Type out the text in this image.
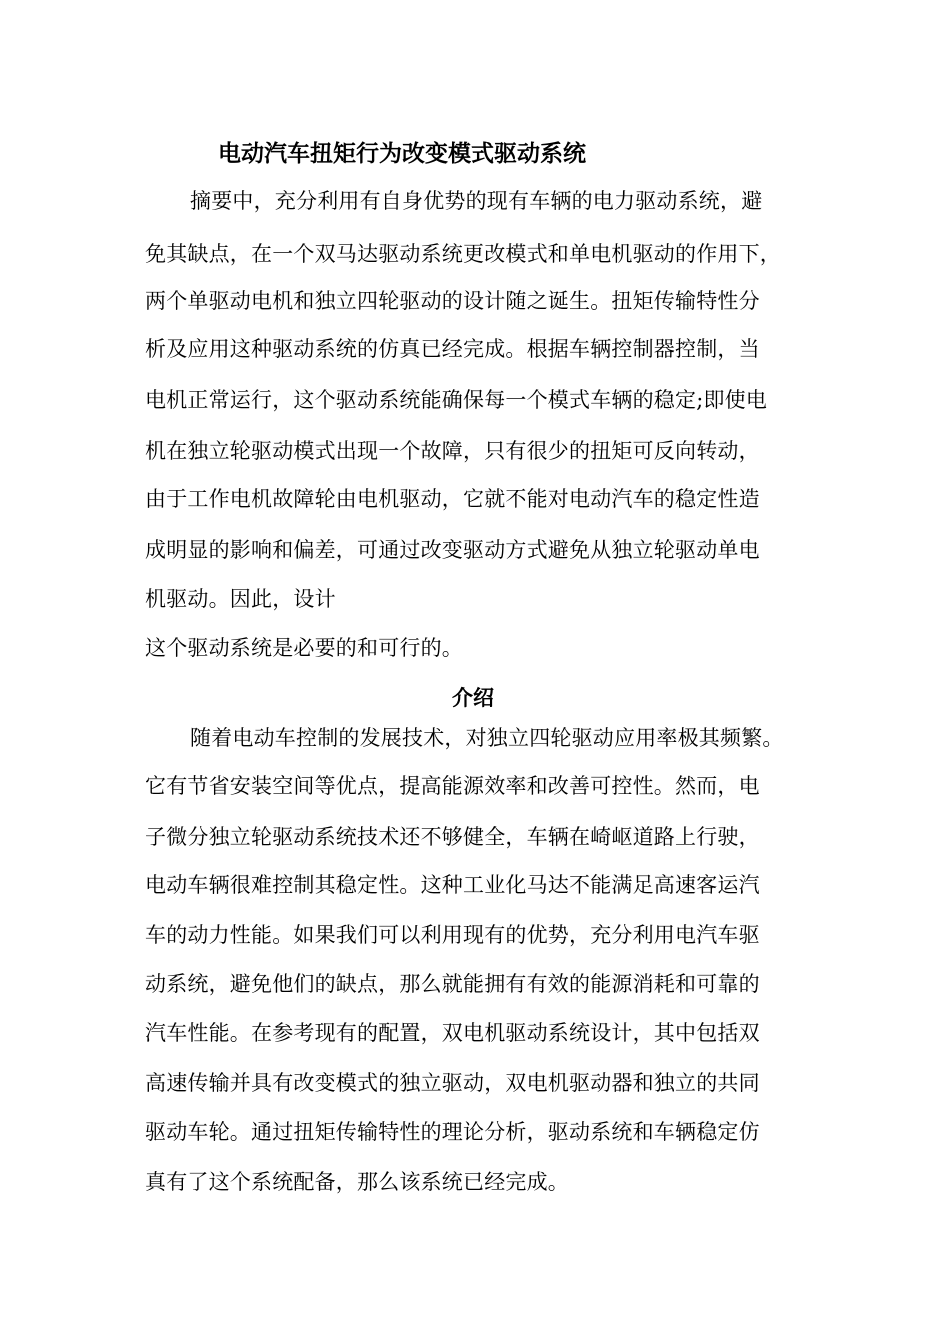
电动汽车扭矩行为改变模式驱动系统
摘要中，充分利用有自身优势的现有车辆的电力驱动系统，避
免其缺点，在一个双马达驱动系统更改模式和单电机驱动的作用下，
两个单驱动电机和独立四轮驱动的设计随之诞生。扭矩传输特性分
析及应用这种驱动系统的仿真已经完成。根据车辆控制器控制，当
电机正常运行，这个驱动系统能确保每一个模式车辆的稳定;即使电
机在独立轮驱动模式出现一个故障，只有很少的扭矩可反向转动，
由于工作电机故障轮由电机驱动，它就不能对电动汽车的稳定性造
成明显的影响和偏差，可通过改变驱动方式避免从独立轮驱动单电
机驱动。因此，设计
这个驱动系统是必要的和可行的。
介绍
随着电动车控制的发展技术，对独立四轮驱动应用率极其频繁。
它有节省安装空间等优点，提高能源效率和改善可控性。然而，电
子微分独立轮驱动系统技术还不够健全，车辆在崎岖道路上行驶，
电动车辆很难控制其稳定性。这种工业化马达不能满足高速客运汽
车的动力性能。如果我们可以利用现有的优势，充分利用电汽车驱
动系统，避免他们的缺点，那么就能拥有有效的能源消耗和可靠的
汽车性能。在参考现有的配置，双电机驱动系统设计，其中包括双
高速传输并具有改变模式的独立驱动，双电机驱动器和独立的共同
驱动车轮。通过扭矩传输特性的理论分析，驱动系统和车辆稳定仿
真有了这个系统配备，那么该系统已经完成。
